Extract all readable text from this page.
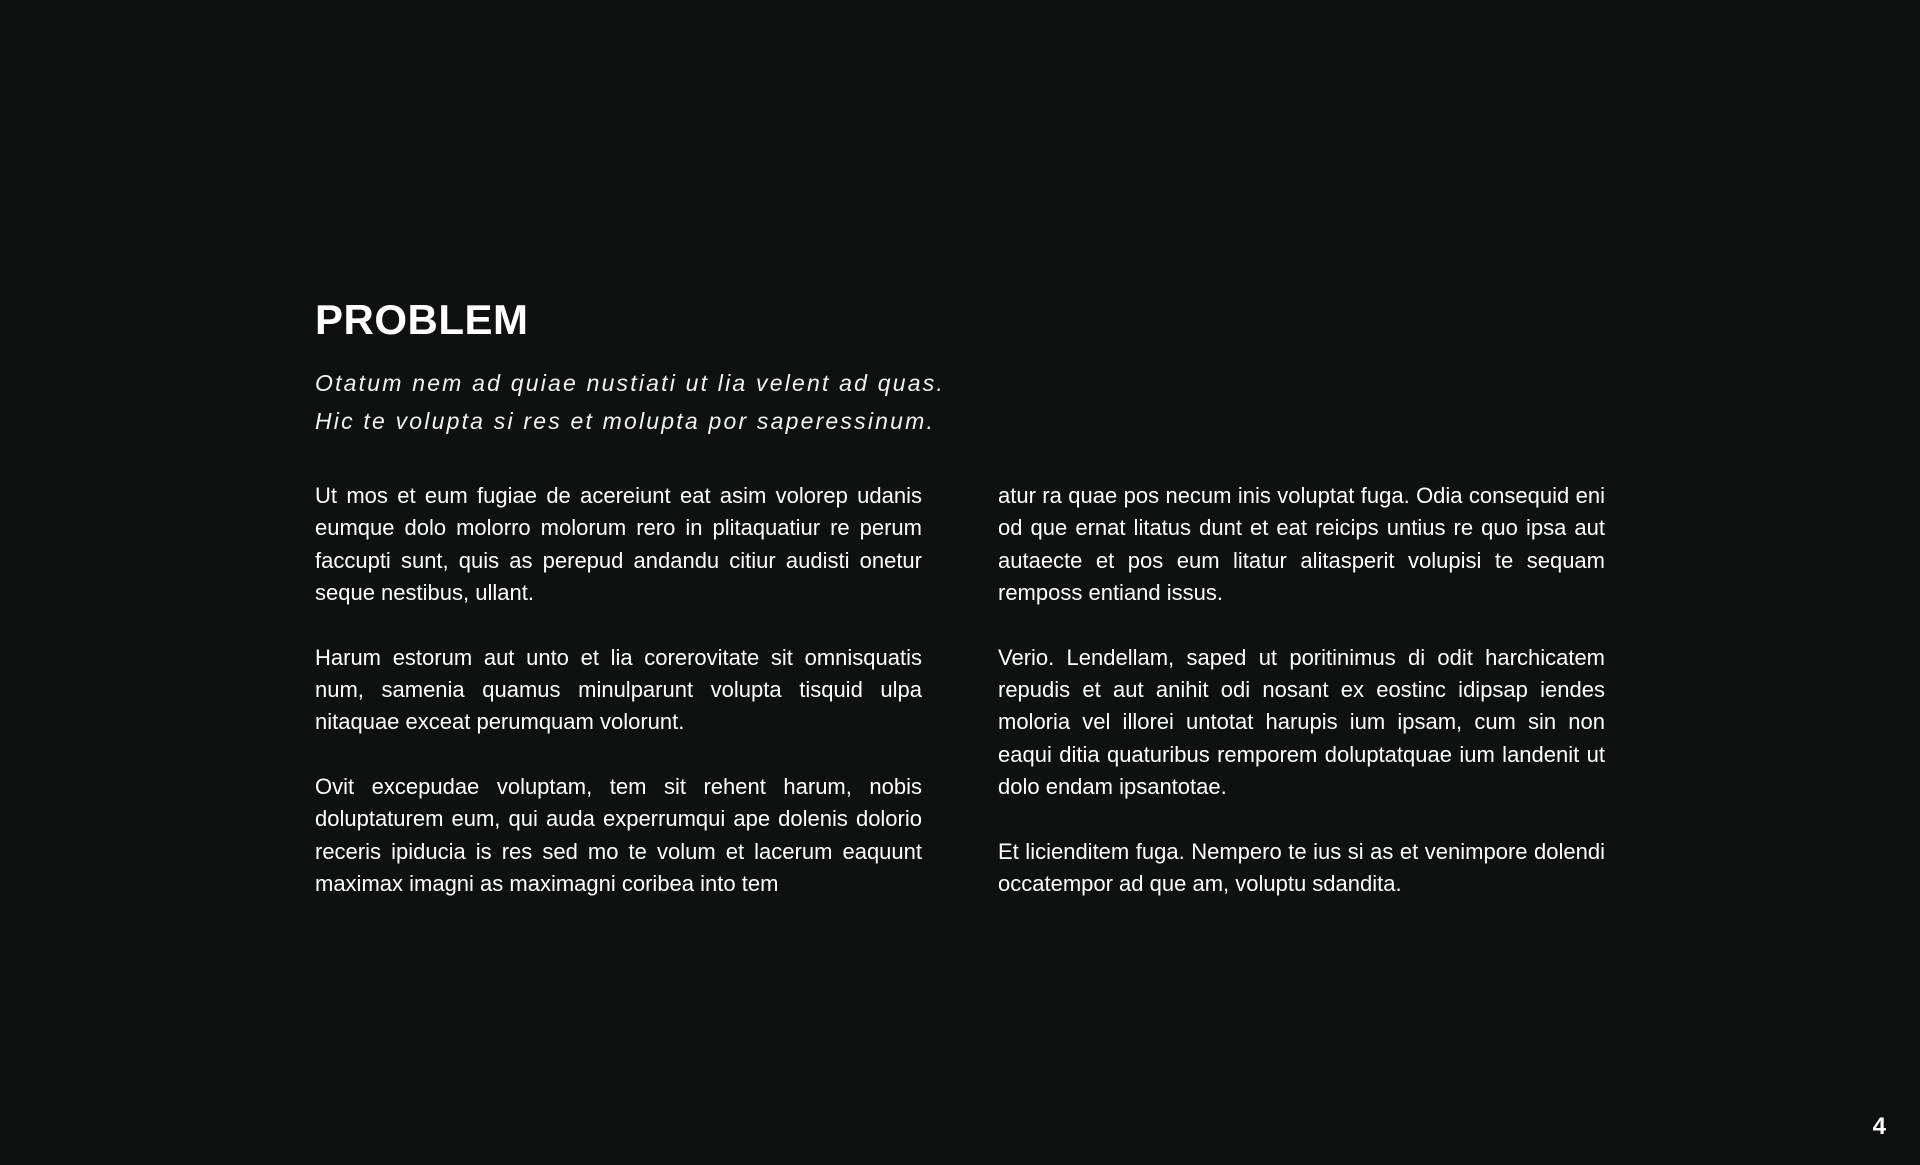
PROBLEM

Otatum nem ad quiae nustiati ut lia velent ad quas.
Hic te volupta si res et molupta por saperessinum.

Ut mos et eum fugiae de acereiunt eat asim volorep udanis eumque dolo molorro molorum rero in plitaquatiur re perum faccupti sunt, quis as perepud andandu citiur audisti onetur seque nestibus, ullant.

Harum estorum aut unto et lia corerovitate sit omnisquatis num, samenia quamus minulparunt volupta tisquid ulpa nitaquae exceat perumquam volorunt.

Ovit excepudae voluptam, tem sit rehent harum, nobis doluptaturem eum, qui auda experrumqui ape dolenis dolorio receris ipiducia is res sed mo te volum et lacerum eaquunt maximax imagni as maximagni coribea into tem

atur ra quae pos necum inis voluptat fuga. Odia consequid eni od que ernat litatus dunt et eat reicips untius re quo ipsa aut autaecte et pos eum litatur alitasperit volupisi te sequam remposs entiand issus.

Verio. Lendellam, saped ut poritinimus di odit harchicatem repudis et aut anihit odi nosant ex eostinc idipsap iendes moloria vel illorei untotat harupis ium ipsam, cum sin non eaqui ditia quaturibus remporem doluptatquae ium landenit ut dolo endam ipsantotae.

Et licienditem fuga. Nempero te ius si as et venimpore dolendi occatempor ad que am, voluptu sdandita.

4
